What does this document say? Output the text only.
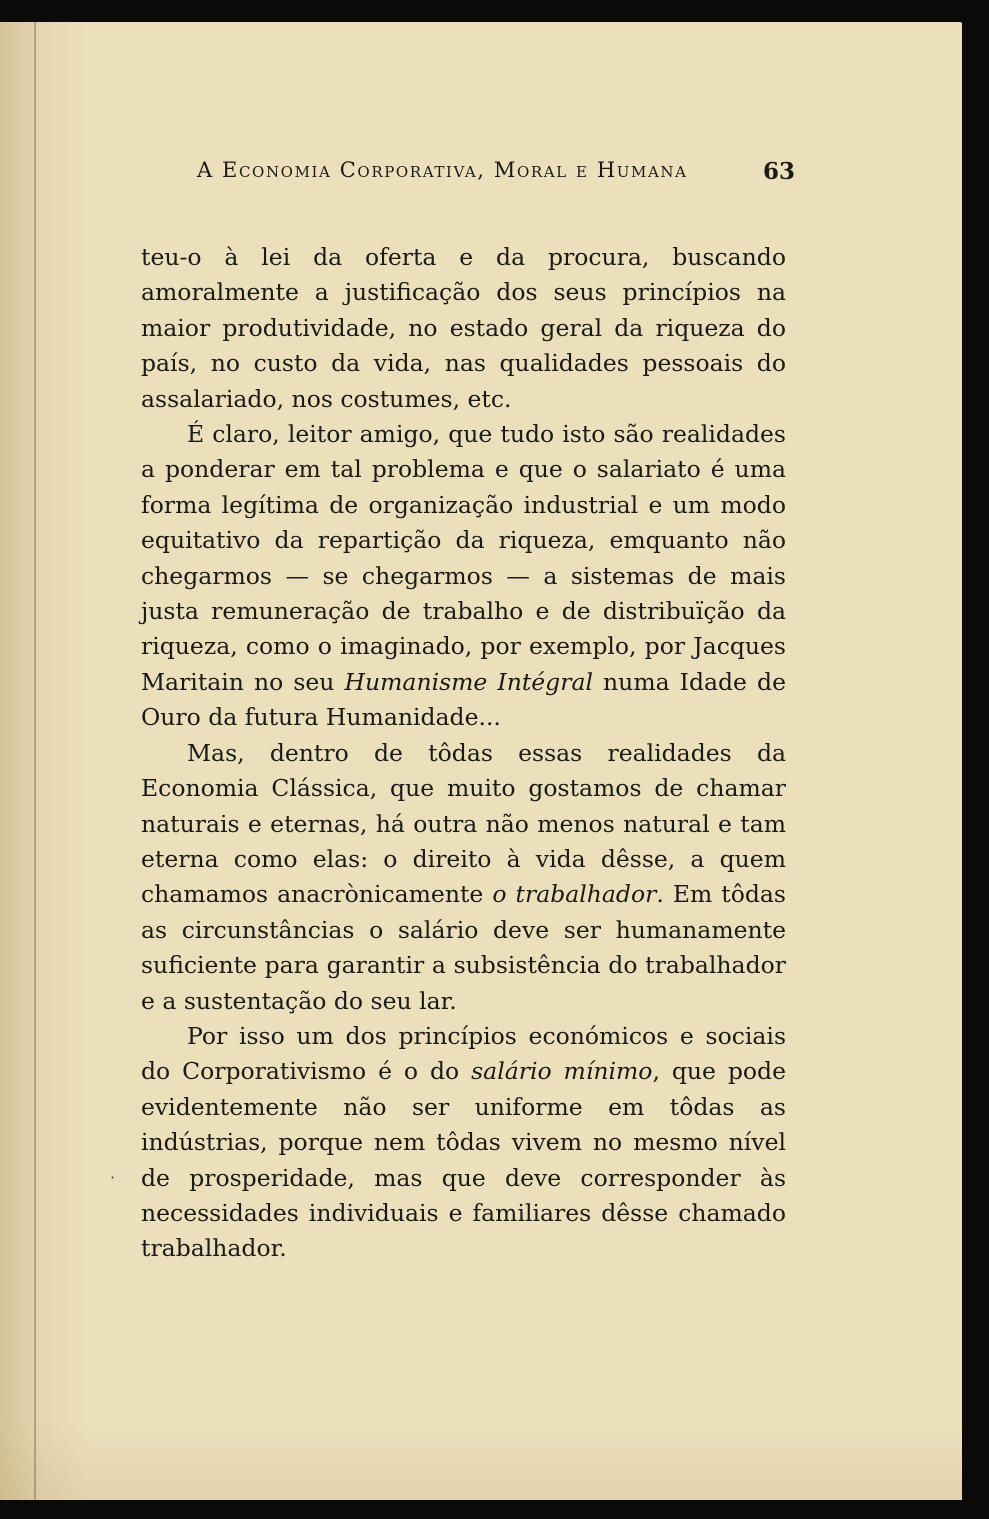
A Economia Corporativa, Moral e Humana	63

teu-o à lei da oferta e da procura, buscando amoralmente a justificação dos seus princípios na maior produtividade, no estado geral da riqueza do país, no custo da vida, nas qualidades pessoais do assalariado, nos costumes, etc.

É claro, leitor amigo, que tudo isto são realidades a ponderar em tal problema e que o salariato é uma forma legítima de organização industrial e um modo equitativo da repartição da riqueza, emquanto não chegarmos — se chegarmos — a sistemas de mais justa remuneração de trabalho e de distribuïção da riqueza, como o imaginado, por exemplo, por Jacques Maritain no seu Humanisme Intégral numa Idade de Ouro da futura Humanidade...

Mas, dentro de tôdas essas realidades da Economia Clássica, que muito gostamos de chamar naturais e eternas, há outra não menos natural e tam eterna como elas: o direito à vida dêsse, a quem chamamos anacrònicamente o trabalhador. Em tôdas as circunstâncias o salário deve ser humanamente suficiente para garantir a subsistência do trabalhador e a sustentação do seu lar.

Por isso um dos princípios económicos e sociais do Corporativismo é o do salário mínimo, que pode evidentemente não ser uniforme em tôdas as indústrias, porque nem tôdas vivem no mesmo nível de prosperidade, mas que deve corresponder às necessidades individuais e familiares dêsse chamado trabalhador.

·
